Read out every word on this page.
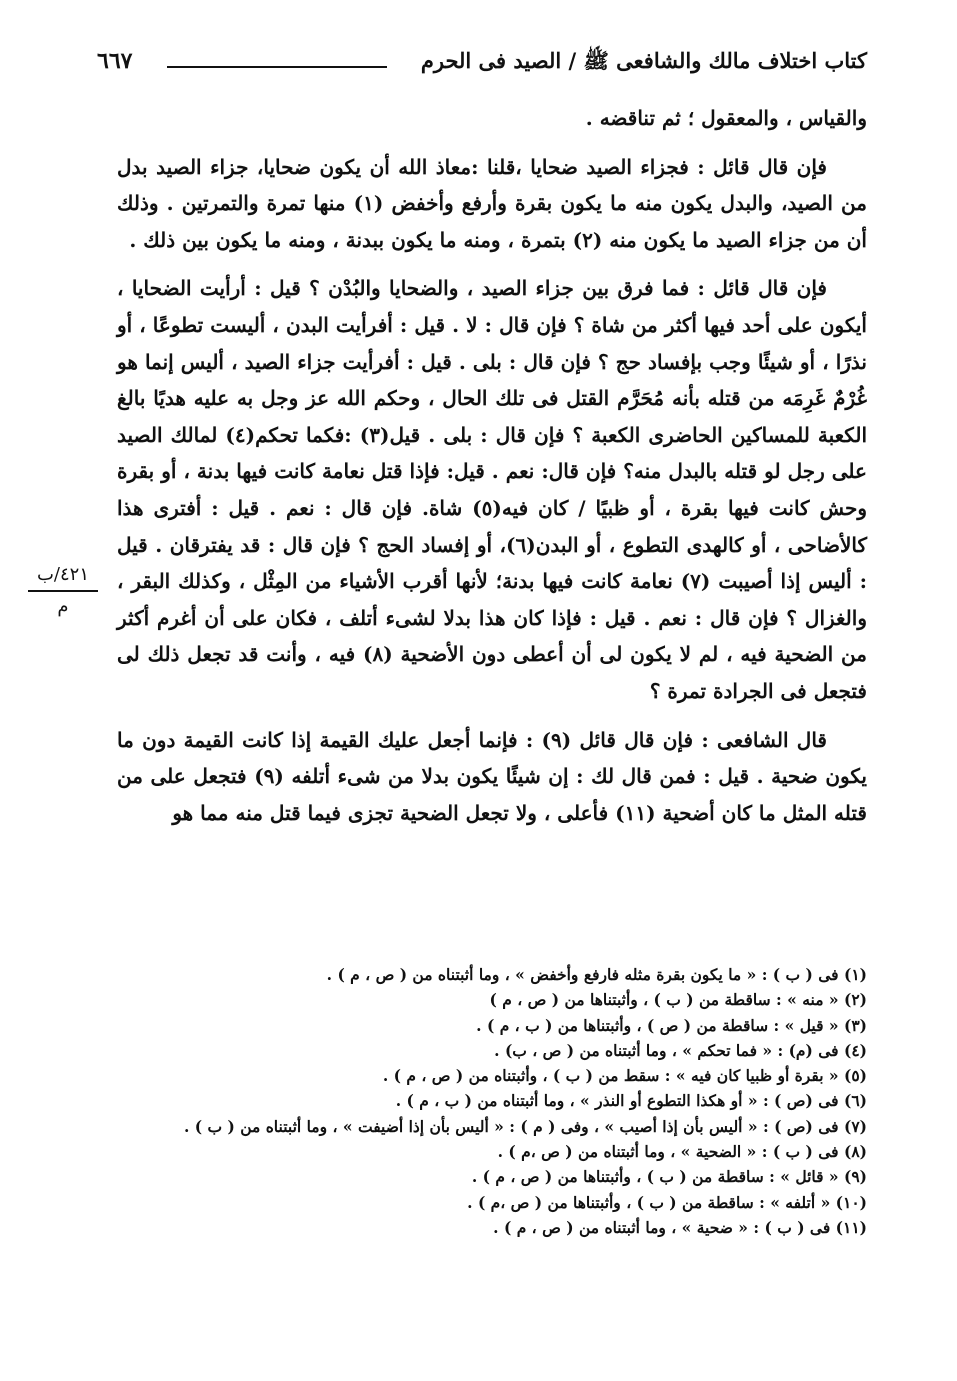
كتاب اختلاف مالك والشافعى ﷺ / الصيد فى الحرم
٦٦٧
٤٢١/ب
م

والقياس ، والمعقول ؛ ثم تناقضه .

فإن قال قائل : فجزاء الصيد ضحايا ،قلنا :معاذ الله أن يكون ضحايا، جزاء الصيد بدل من الصيد، والبدل يكون منه ما يكون بقرة وأرفع وأخفض (١) منها تمرة والتمرتين . وذلك أن من جزاء الصيد ما يكون منه (٢) بتمرة ، ومنه ما يكون ببدنة ، ومنه ما يكون بين ذلك .

فإن قال قائل : فما فرق بين جزاء الصيد ، والضحايا والبُدْن ؟ قيل : أرأيت الضحايا ، أيكون على أحد فيها أكثر من شاة ؟ فإن قال : لا . قيل : أفرأيت البدن ، أليست تطوعًا ، أو نذرًا ، أو شيئًا وجب بإفساد حج ؟ فإن قال : بلى . قيل : أفرأيت جزاء الصيد ، أليس إنما هو غُرْمٌ غَرِمَه من قتله بأنه مُحَرَّم القتل فى تلك الحال ، وحكم الله عز وجل به عليه هديًا بالغ الكعبة للمساكين الحاضرى الكعبة ؟ فإن قال : بلى . قيل(٣) :فكما تحكم(٤) لمالك الصيد على رجل لو قتله بالبدل منه؟ فإن قال: نعم . قيل: فإذا قتل نعامة كانت فيها بدنة ، أو بقرة وحش كانت فيها بقرة ، أو ظبيًا / كان فيه(٥) شاة. فإن قال : نعم . قيل : أفترى هذا كالأضاحى ، أو كالهدى التطوع ، أو البدن(٦)، أو إفساد الحج ؟ فإن قال : قد يفترقان . قيل : أليس إذا أصيبت (٧) نعامة كانت فيها بدنة؛ لأنها أقرب الأشياء من المِثْل ، وكذلك البقر ، والغزال ؟ فإن قال : نعم . قيل : فإذا كان هذا بدلا لشىء أتلف ، فكان على أن أغرم أكثر من الضحية فيه ، لم لا يكون لى أن أعطى دون الأضحية (٨) فيه ، وأنت قد تجعل ذلك لى فتجعل فى الجرادة تمرة ؟

قال الشافعى : فإن قال قائل (٩) : فإنما أجعل عليك القيمة إذا كانت القيمة دون ما يكون ضحية . قيل : فمن قال لك : إن شيئًا يكون بدلا من شىء أتلفه (٩) فتجعل على من قتله المثل ما كان أضحية (١١) فأعلى ، ولا تجعل الضحية تجزى فيما قتل منه مما هو

(١) فى ( ب ) : « ما يكون بقرة مثله فارفع وأخفض » ، وما أثبتناه من ( ص ، م ) .
(٢) « منه » : ساقطة من ( ب ) ، وأثبتناها من ( ص ، م )
(٣) « قيل » : ساقطة من ( ص ) ، وأثبتناها من ( ب ، م ) .
(٤) فى (م) : « فما تحكم » ، وما أثبتناه من ( ص ، ب) .
(٥) « بقرة أو ظبيا كان فيه » : سقط من ( ب ) ، وأثبتناه من ( ص ، م ) .
(٦) فى (ص ) : « أو هكذا التطوع أو النذر » ، وما أثبتناه من ( ب ، م ) .
(٧) فى (ص ) : « أليس بأن إذا أصيب » ، وفى ( م ) : « أليس بأن إذا أضيفت » ، وما أثبتناه من ( ب ) .
(٨) فى ( ب ) : « الضحية » ، وما أثبتناه من ( ص ،م ) .
(٩) « قائل » : ساقطة من ( ب ) ، وأثبتناها من ( ص ، م ) .
(١٠) « أتلفه » : ساقطة من ( ب ) ، وأثبتناها من ( ص ،م ) .
(١١) فى ( ب ) : « ضحية » ، وما أثبتناه من ( ص ، م ) .
